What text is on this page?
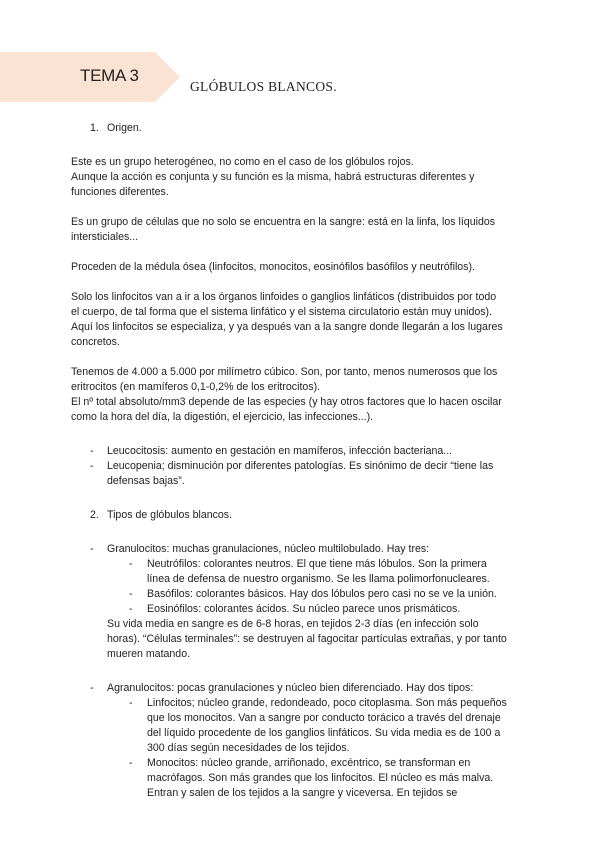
TEMA 3
GLÓBULOS BLANCOS.
1. Origen.

Este es un grupo heterogéneo, no como en el caso de los glóbulos rojos.

Aunque la acción es conjunta y su función es la misma, habrá estructuras diferentes y

funciones diferentes.

Es un grupo de células que no solo se encuentra en la sangre: está en la linfa, los líquidos

intersticiales...

Proceden de la médula ósea (linfocitos, monocitos, eosinófilos basófilos y neutrófilos).

Solo los linfocitos van a ir a los órganos linfoides o ganglios linfáticos (distribuidos por todo

el cuerpo, de tal forma que el sistema linfático y el sistema circulatorio están muy unidos).

Aquí los linfocitos se especializa, y ya después van a la sangre donde llegarán a los lugares

concretos.

Tenemos de 4.000 a 5.000 por milímetro cúbico. Son, por tanto, menos numerosos que los

eritrocitos (en mamíferos 0,1-0,2% de los eritrocitos).

El nº total absoluto/mm3 depende de las especies (y hay otros factores que lo hacen oscilar

como la hora del día, la digestión, el ejercicio, las infecciones...).

-	Leucocitosis: aumento en gestación en mamíferos, infección bacteriana...

-	Leucopenia; disminución por diferentes patologías. Es sinónimo de decir “tiene las

defensas bajas”.

2. Tipos de glóbulos blancos.
-	Granulocitos: muchas granulaciones, núcleo multilobulado. Hay tres:

-	Neutrófilos: colorantes neutros. El que tiene más lóbulos. Son la primera

línea de defensa de nuestro organismo. Se les llama polimorfonucleares.

-	Basófilos: colorantes básicos. Hay dos lóbulos pero casi no se ve la unión.

-	Eosinófilos: colorantes ácidos. Su núcleo parece unos prismáticos.

Su vida media en sangre es de 6-8 horas, en tejidos 2-3 días (en infección solo

horas). “Células terminales”: se destruyen al fagocitar partículas extrañas, y por tanto

mueren matando.

-	Agranulocitos: pocas granulaciones y núcleo bien diferenciado. Hay dos tipos:

-	Linfocitos; núcleo grande, redondeado, poco citoplasma. Son más pequeños

que los monocitos. Van a sangre por conducto torácico a través del drenaje

del líquido procedente de los ganglios linfáticos. Su vida media es de 100 a

300 días según necesidades de los tejidos.

-	Monocitos: núcleo grande, arriñonado, excéntrico, se transforman en

macrófagos. Son más grandes que los linfocitos. El núcleo es más malva.

Entran y salen de los tejidos a la sangre y viceversa. En tejidos se
